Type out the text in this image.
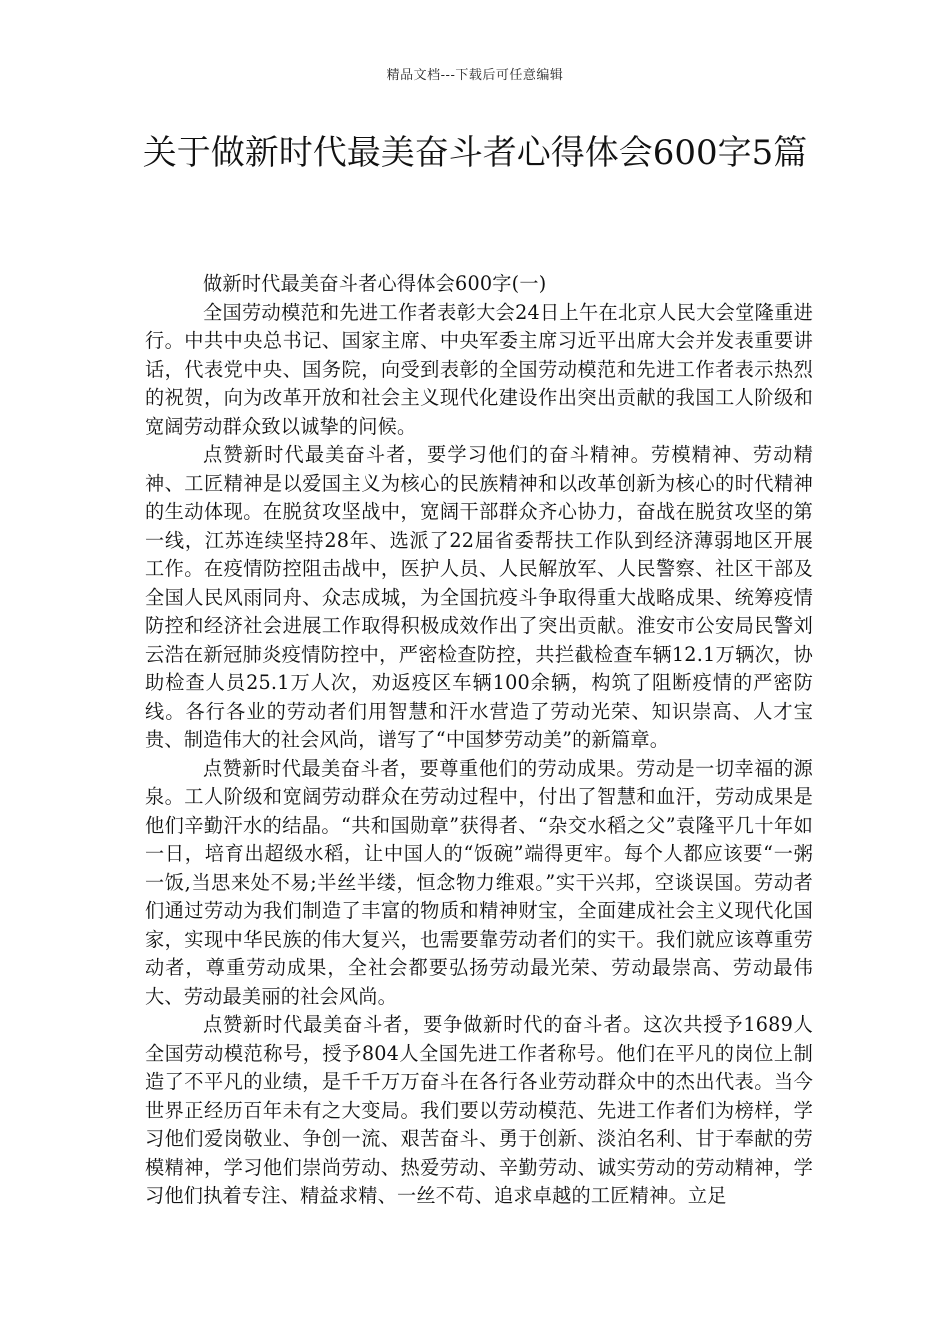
精品文档---下载后可任意编辑
关于做新时代最美奋斗者心得体会600字5篇
做新时代最美奋斗者心得体会600字(一)

全国劳动模范和先进工作者表彰大会24日上午在北京人民大会堂隆重进行。中共中央总书记、国家主席、中央军委主席习近平出席大会并发表重要讲话，代表党中央、国务院，向受到表彰的全国劳动模范和先进工作者表示热烈的祝贺，向为改革开放和社会主义现代化建设作出突出贡献的我国工人阶级和宽阔劳动群众致以诚挚的问候。

点赞新时代最美奋斗者，要学习他们的奋斗精神。劳模精神、劳动精神、工匠精神是以爱国主义为核心的民族精神和以改革创新为核心的时代精神的生动体现。在脱贫攻坚战中，宽阔干部群众齐心协力，奋战在脱贫攻坚的第一线，江苏连续坚持28年、选派了22届省委帮扶工作队到经济薄弱地区开展工作。在疫情防控阻击战中，医护人员、人民解放军、人民警察、社区干部及全国人民风雨同舟、众志成城，为全国抗疫斗争取得重大战略成果、统筹疫情防控和经济社会进展工作取得积极成效作出了突出贡献。淮安市公安局民警刘云浩在新冠肺炎疫情防控中，严密检查防控，共拦截检查车辆12.1万辆次，协助检查人员25.1万人次，劝返疫区车辆100余辆，构筑了阻断疫情的严密防线。各行各业的劳动者们用智慧和汗水营造了劳动光荣、知识崇高、人才宝贵、制造伟大的社会风尚，谱写了“中国梦劳动美”的新篇章。

点赞新时代最美奋斗者，要尊重他们的劳动成果。劳动是一切幸福的源泉。工人阶级和宽阔劳动群众在劳动过程中，付出了智慧和血汗，劳动成果是他们辛勤汗水的结晶。“共和国勋章”获得者、“杂交水稻之父”袁隆平几十年如一日，培育出超级水稻，让中国人的“饭碗”端得更牢。每个人都应该要“一粥一饭,当思来处不易;半丝半缕，恒念物力维艰。”实干兴邦，空谈误国。劳动者们通过劳动为我们制造了丰富的物质和精神财宝，全面建成社会主义现代化国家，实现中华民族的伟大复兴，也需要靠劳动者们的实干。我们就应该尊重劳动者，尊重劳动成果，全社会都要弘扬劳动最光荣、劳动最崇高、劳动最伟大、劳动最美丽的社会风尚。

点赞新时代最美奋斗者，要争做新时代的奋斗者。这次共授予1689人全国劳动模范称号，授予804人全国先进工作者称号。他们在平凡的岗位上制造了不平凡的业绩，是千千万万奋斗在各行各业劳动群众中的杰出代表。当今世界正经历百年未有之大变局。我们要以劳动模范、先进工作者们为榜样，学习他们爱岗敬业、争创一流、艰苦奋斗、勇于创新、淡泊名利、甘于奉献的劳模精神，学习他们崇尚劳动、热爱劳动、辛勤劳动、诚实劳动的劳动精神，学习他们执着专注、精益求精、一丝不苟、追求卓越的工匠精神。立足
